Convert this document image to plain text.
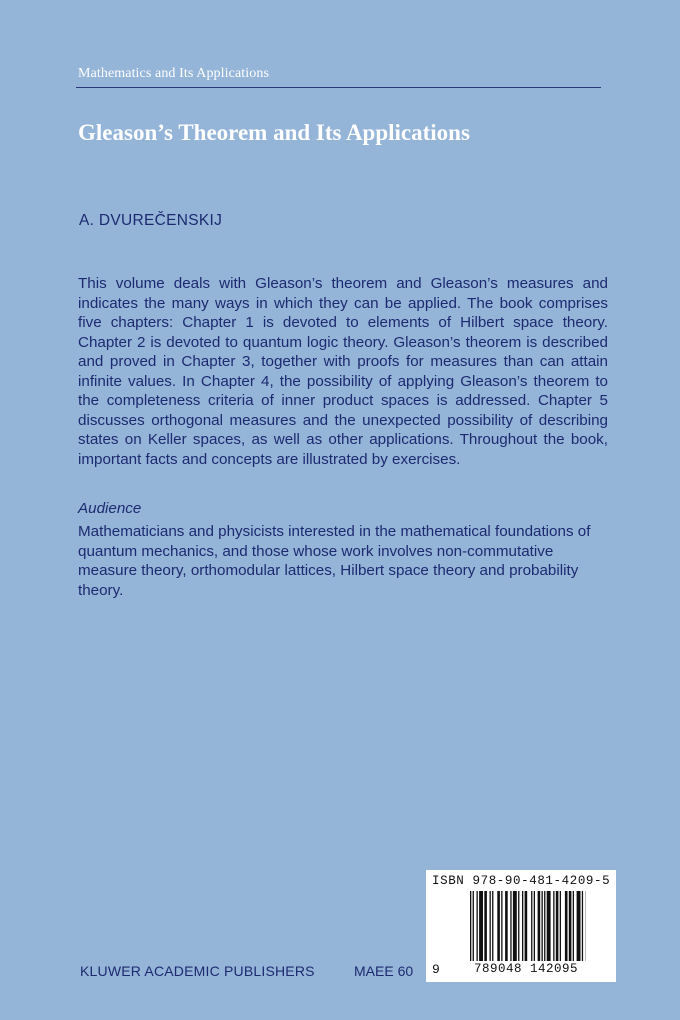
Mathematics and Its Applications
Gleason’s Theorem and Its Applications
A. DVUREČENSKIJ

This volume deals with Gleason’s theorem and Gleason’s measures and indicates the many ways in which they can be applied. The book comprises five chapters: Chapter 1 is devoted to elements of Hilbert space theory. Chapter 2 is devoted to quantum logic theory. Gleason’s theorem is described and proved in Chapter 3, together with proofs for measures than can attain infinite values. In Chapter 4, the possibility of applying Gleason’s theorem to the completeness criteria of inner product spaces is addressed. Chapter 5 discusses orthogonal measures and the unexpected possibility of describing states on Keller spaces, as well as other applications. Throughout the book, important facts and concepts are illustrated by exercises.

Audience

Mathematicians and physicists interested in the mathematical foundations of quantum mechanics, and those whose work involves non-commutative measure theory, orthomodular lattices, Hilbert space theory and probability theory.

KLUWER ACADEMIC PUBLISHERS	MAEE 60
ISBN 978-90-481-4209-5
9	789048 142095
